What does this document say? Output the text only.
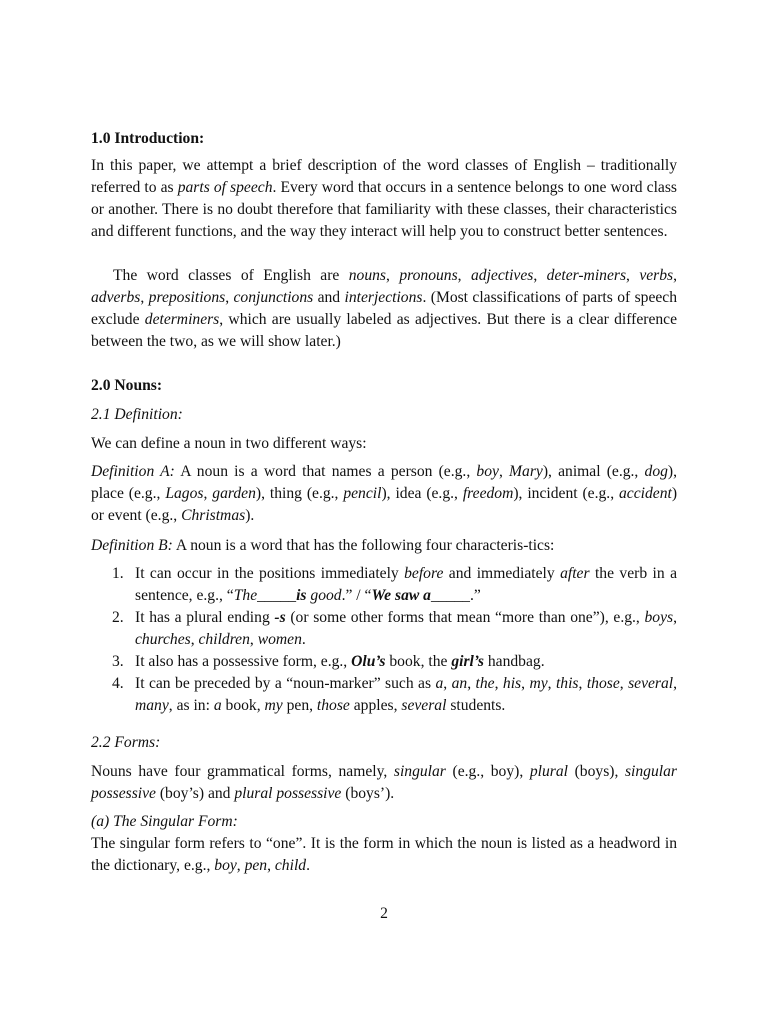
1.0 Introduction:

In this paper, we attempt a brief description of the word classes of English – traditionally referred to as parts of speech. Every word that occurs in a sentence belongs to one word class or another. There is no doubt therefore that familiarity with these classes, their characteristics and different functions, and the way they interact will help you to construct better sentences.

The word classes of English are nouns, pronouns, adjectives, deter-miners, verbs, adverbs, prepositions, conjunctions and interjections. (Most classifications of parts of speech exclude determiners, which are usually labeled as adjectives. But there is a clear difference between the two, as we will show later.)

2.0 Nouns:
2.1 Definition:

We can define a noun in two different ways:

Definition A: A noun is a word that names a person (e.g., boy, Mary), animal (e.g., dog), place (e.g., Lagos, garden), thing (e.g., pencil), idea (e.g., freedom), incident (e.g., accident) or event (e.g., Christmas).

Definition B: A noun is a word that has the following four characteris-tics:

1. It can occur in the positions immediately before and immediately after the verb in a sentence, e.g., “The_____is good.” / “We saw a_____.”
2. It has a plural ending -s (or some other forms that mean “more than one”), e.g., boys, churches, children, women.
3. It also has a possessive form, e.g., Olu’s book, the girl’s handbag.
4. It can be preceded by a “noun-marker” such as a, an, the, his, my, this, those, several, many, as in: a book, my pen, those apples, several students.
2.2 Forms:

Nouns have four grammatical forms, namely, singular (e.g., boy), plural (boys), singular possessive (boy’s) and plural possessive (boys’).

(a) The Singular Form:

The singular form refers to “one”. It is the form in which the noun is listed as a headword in the dictionary, e.g., boy, pen, child.

2
